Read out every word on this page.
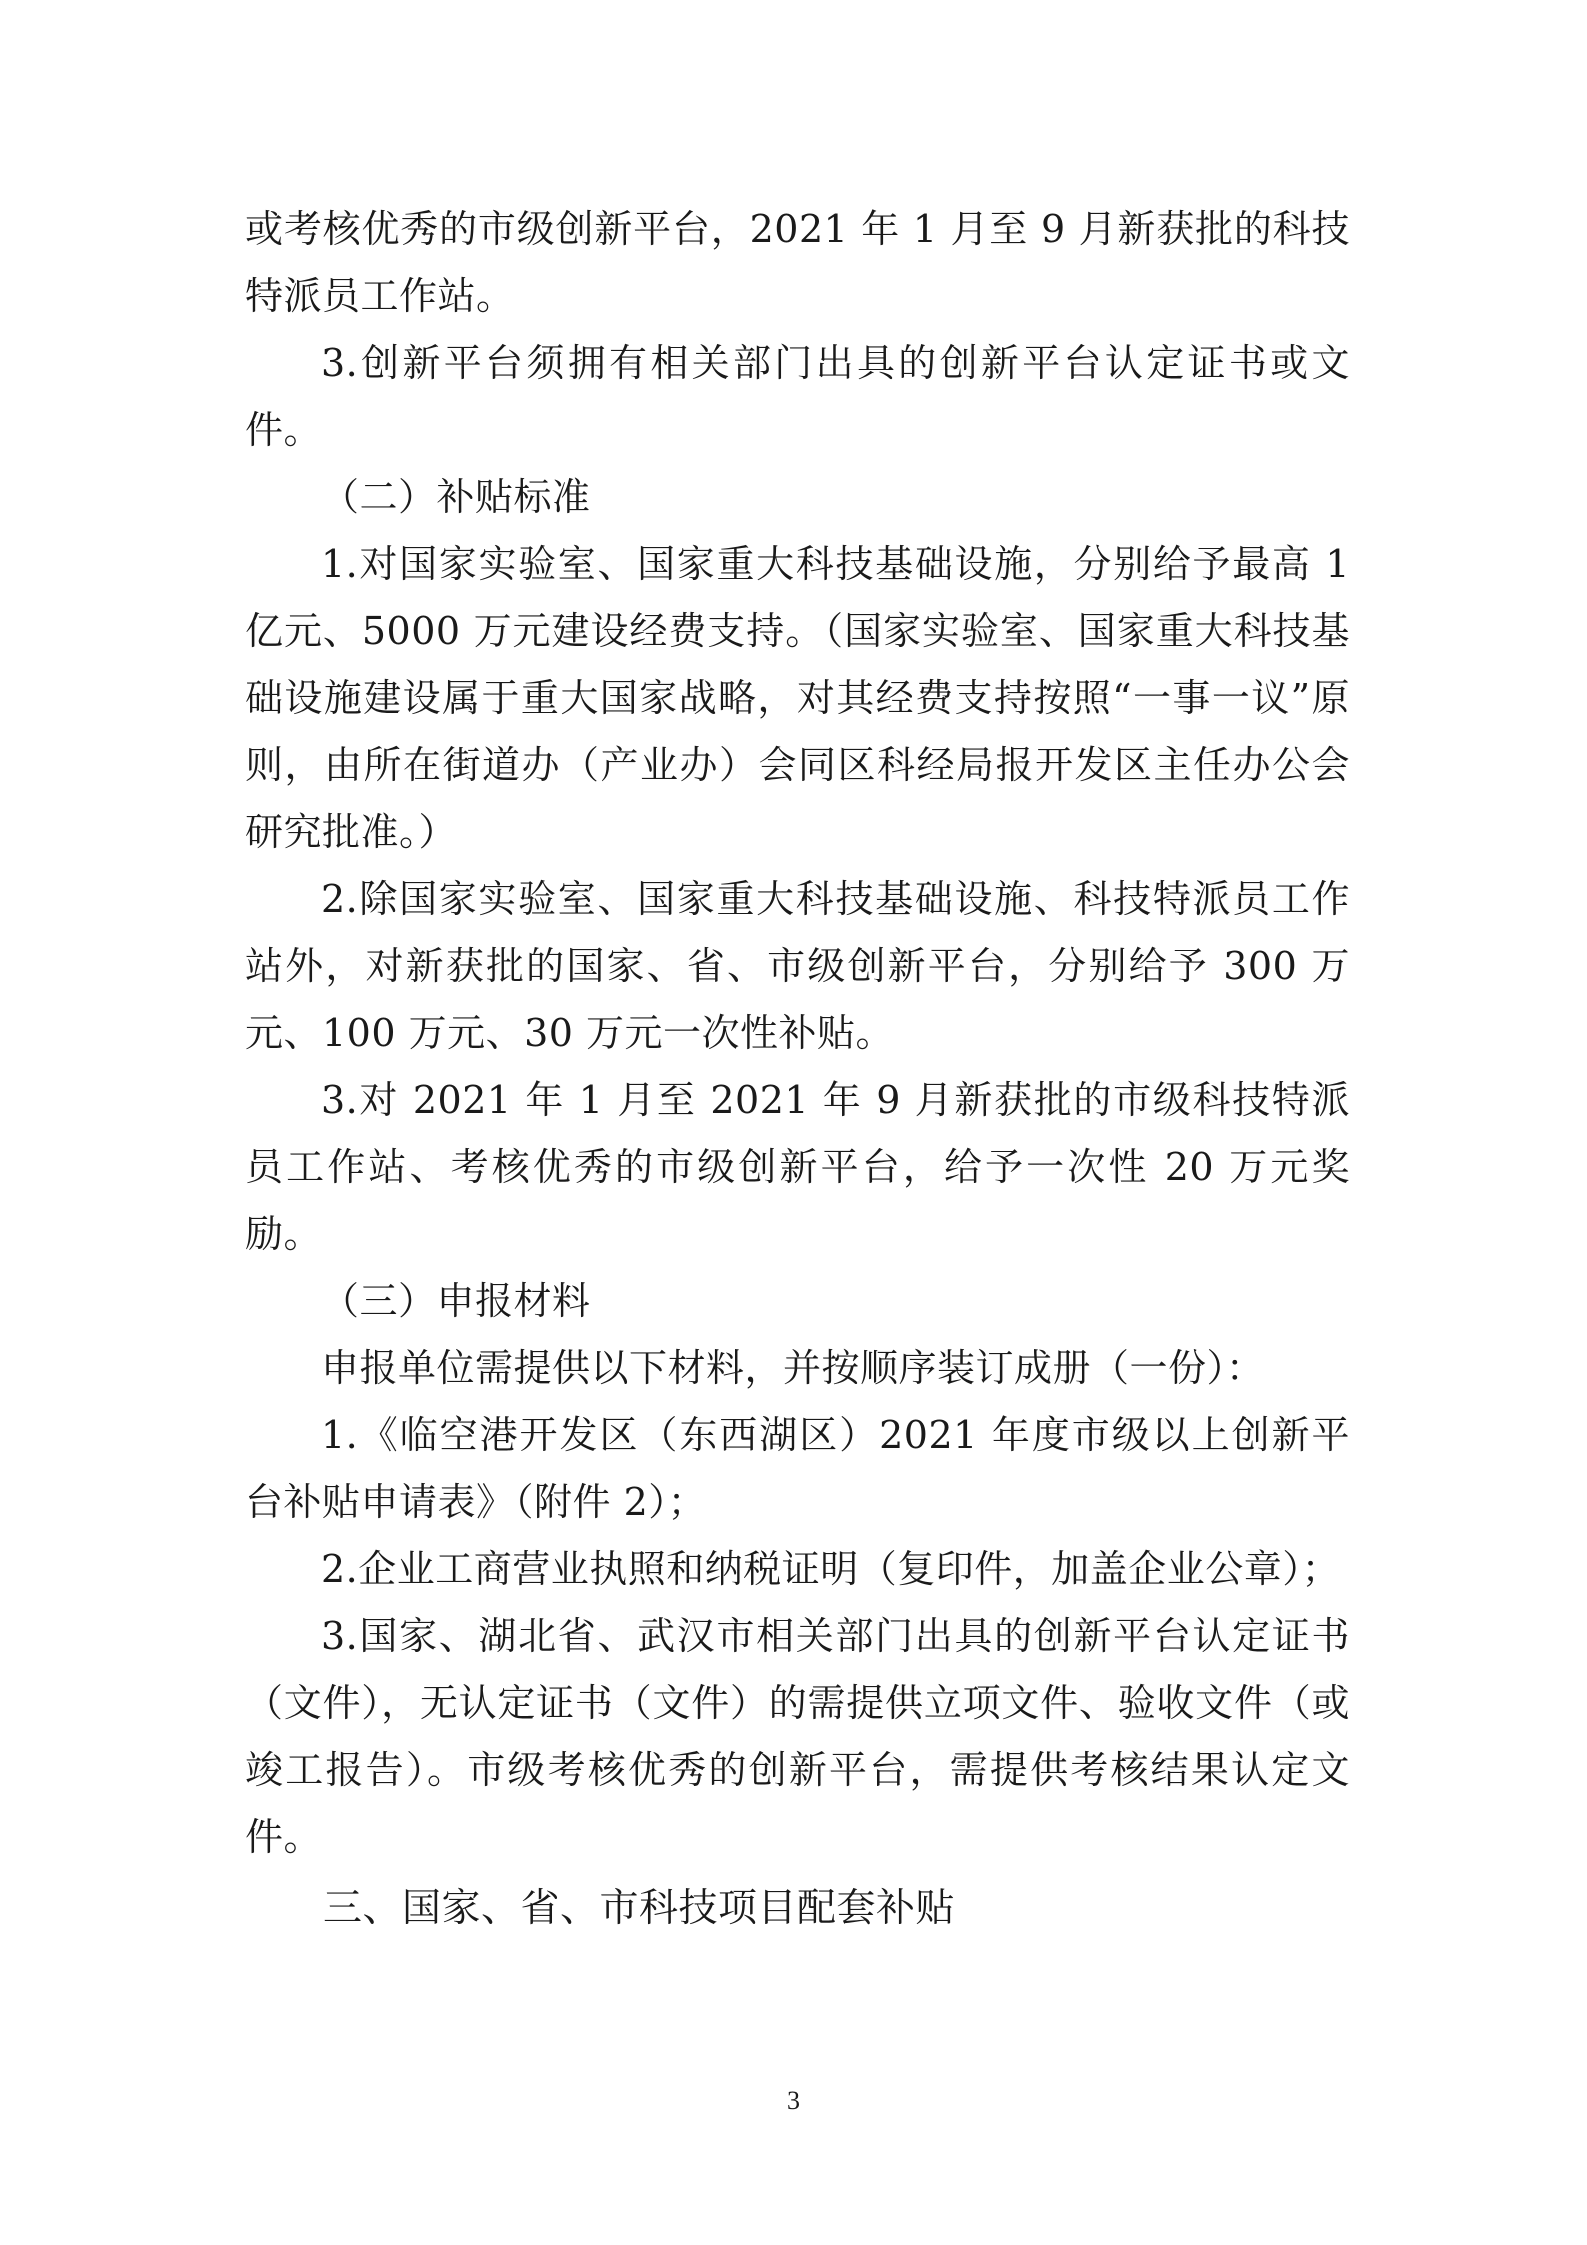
或考核优秀的市级创新平台，2021 年 1 月至 9 月新获批的科技特派员工作站。

3.创新平台须拥有相关部门出具的创新平台认定证书或文件。

（二）补贴标准

1.对国家实验室、国家重大科技基础设施，分别给予最高 1 亿元、5000 万元建设经费支持。（国家实验室、国家重大科技基础设施建设属于重大国家战略，对其经费支持按照“一事一议”原则，由所在街道办（产业办）会同区科经局报开发区主任办公会研究批准。）

2.除国家实验室、国家重大科技基础设施、科技特派员工作站外，对新获批的国家、省、市级创新平台，分别给予 300 万元、100 万元、30 万元一次性补贴。

3.对 2021 年 1 月至 2021 年 9 月新获批的市级科技特派员工作站、考核优秀的市级创新平台，给予一次性 20 万元奖励。

（三）申报材料

申报单位需提供以下材料，并按顺序装订成册（一份）：

1.《临空港开发区（东西湖区）2021 年度市级以上创新平台补贴申请表》（附件 2）；

2.企业工商营业执照和纳税证明（复印件，加盖企业公章）；

3.国家、湖北省、武汉市相关部门出具的创新平台认定证书（文件），无认定证书（文件）的需提供立项文件、验收文件（或竣工报告）。市级考核优秀的创新平台，需提供考核结果认定文件。

三、国家、省、市科技项目配套补贴

3
